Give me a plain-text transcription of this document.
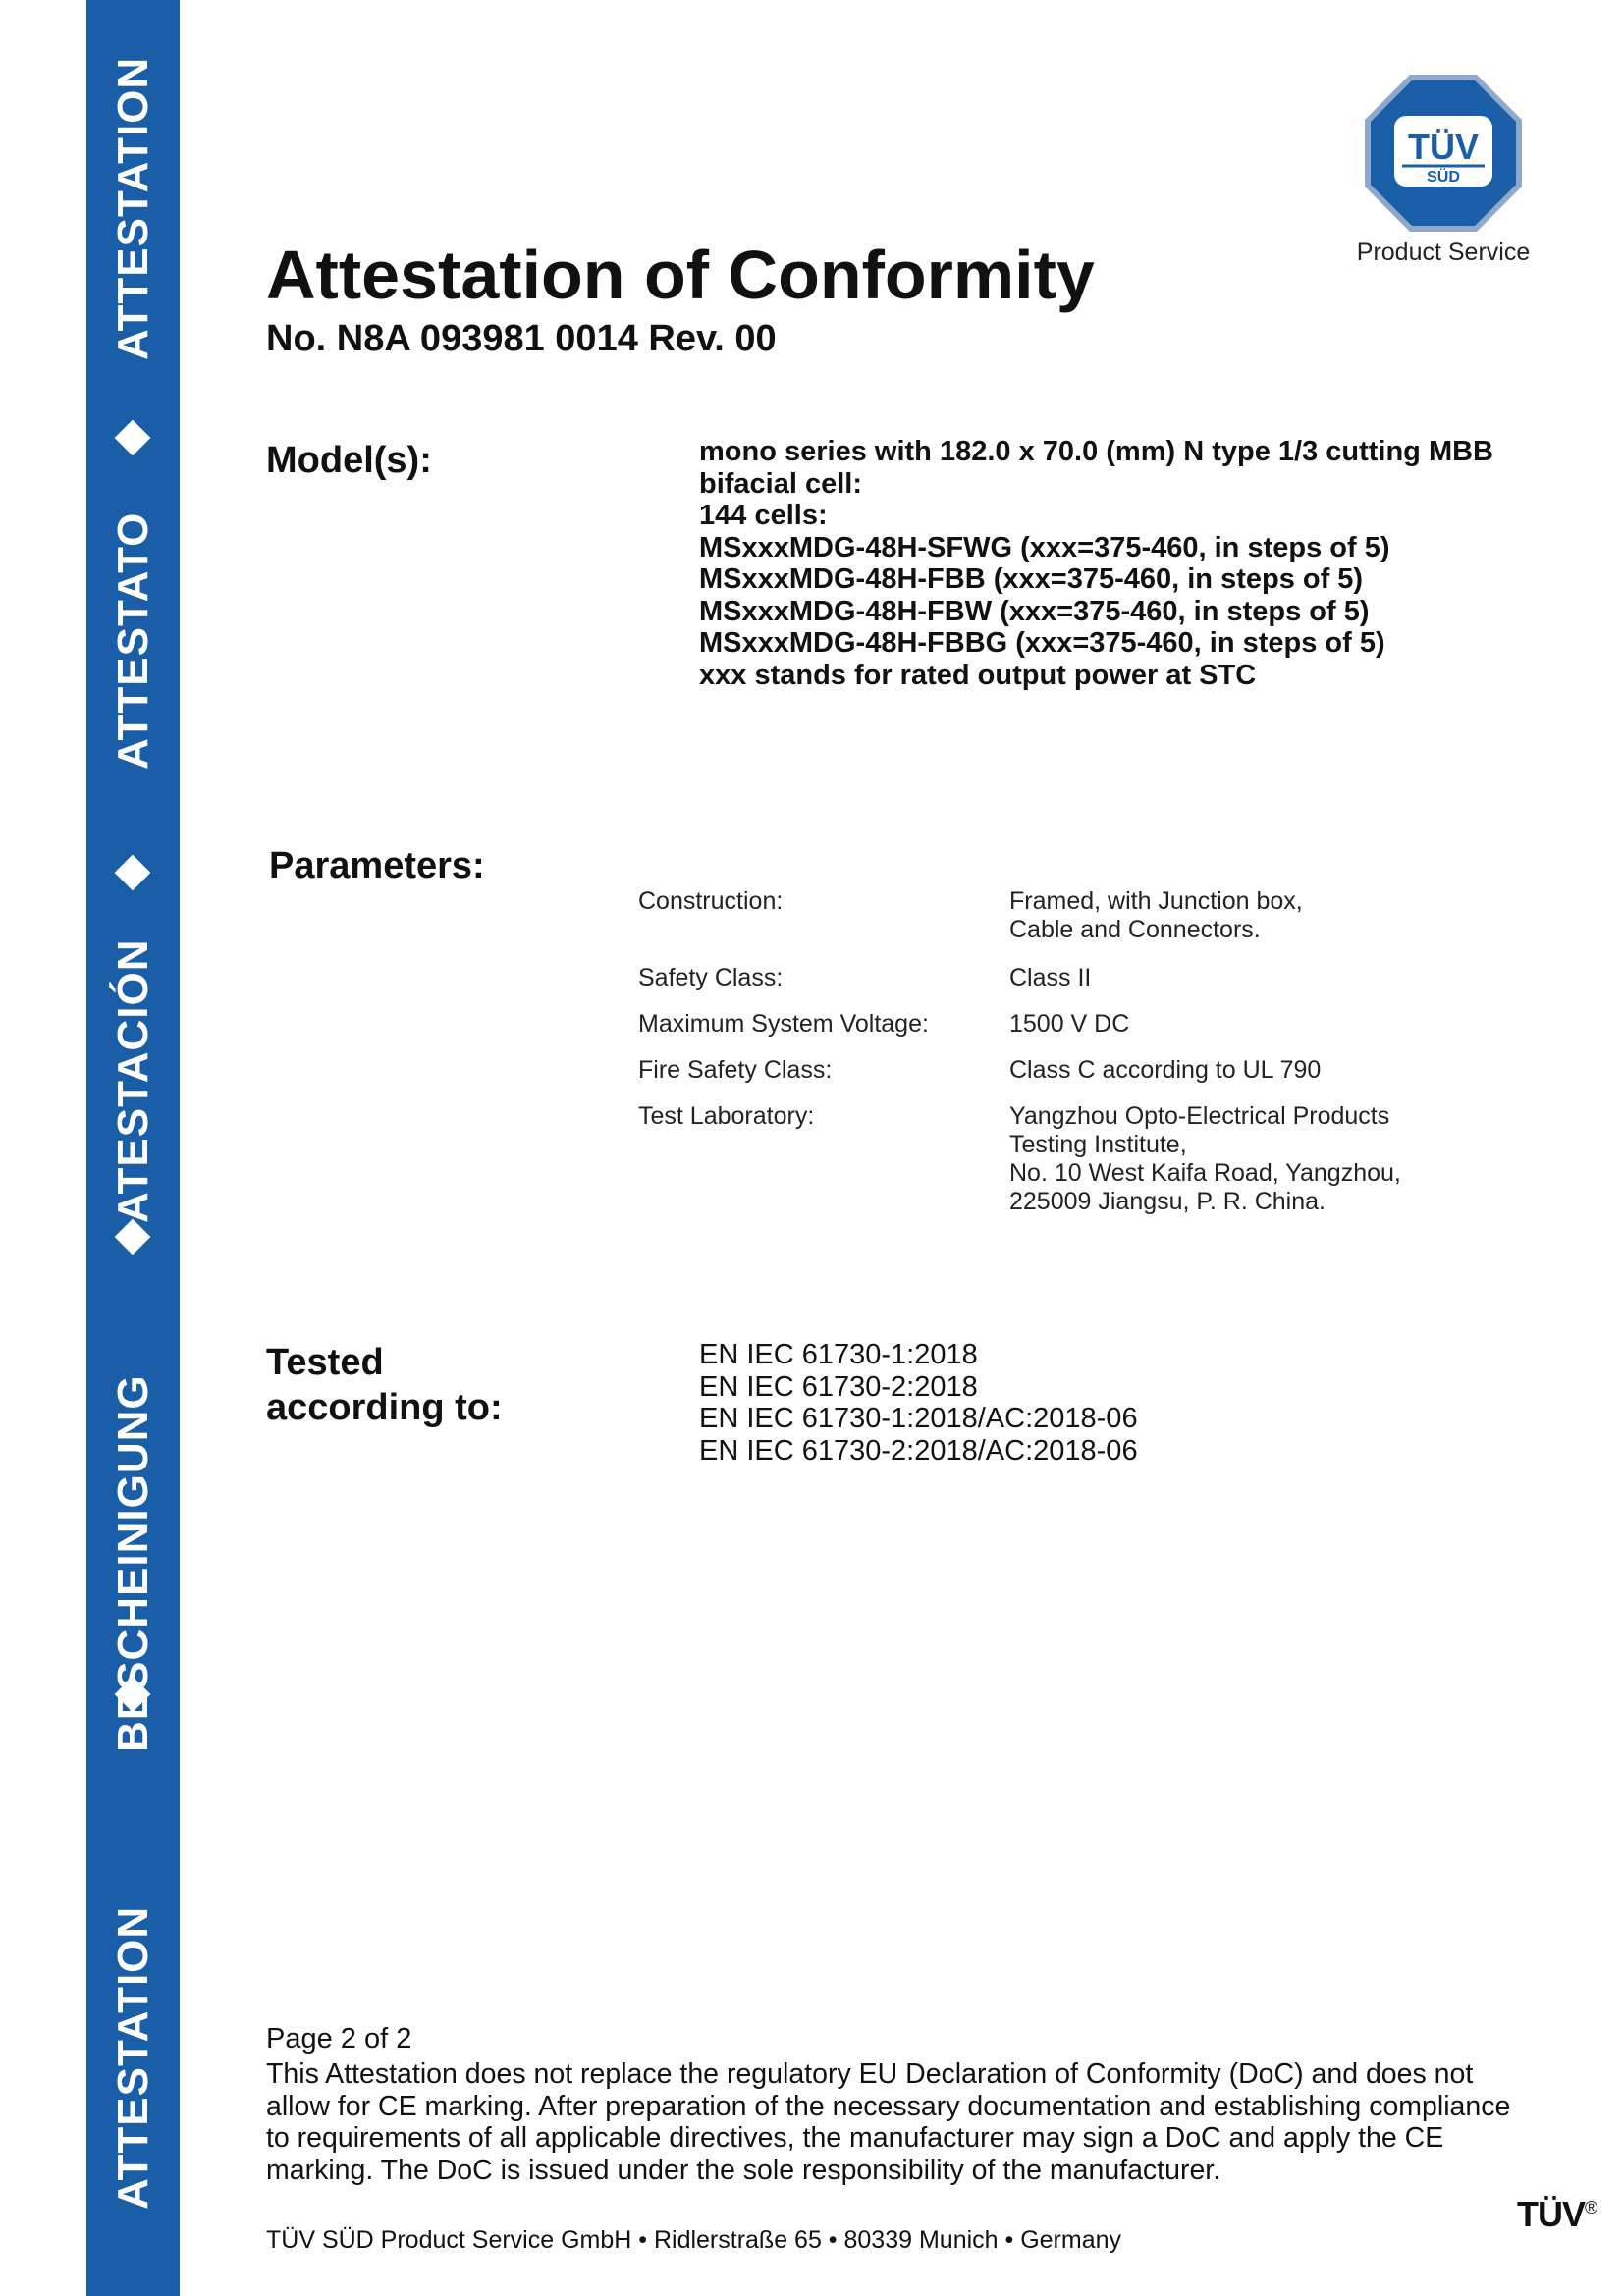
ATTESTATION
BESCHEINIGUNG
ATESTACIÓN
ATTESTATO
ATTESTATION	TÜV
SÜD
Product Service
Attestation of Conformity
No. N8A 093981 0014 Rev. 00
Model(s):	mono series with 182.0 x 70.0 (mm) N type 1/3 cutting MBB
bifacial cell:
144 cells:
MSxxxMDG-48H-SFWG (xxx=375-460, in steps of 5)
MSxxxMDG-48H-FBB (xxx=375-460, in steps of 5)
MSxxxMDG-48H-FBW (xxx=375-460, in steps of 5)
MSxxxMDG-48H-FBBG (xxx=375-460, in steps of 5)
xxx stands for rated output power at STC
Parameters:
Construction:	Framed, with Junction box,
Cable and Connectors.
Safety Class:	Class II
Maximum System Voltage:	1500 V DC
Fire Safety Class:	Class C according to UL 790
Test Laboratory:	Yangzhou Opto-Electrical Products
Testing Institute,
No. 10 West Kaifa Road, Yangzhou,
225009 Jiangsu, P. R. China.
Tested
according to:
EN IEC 61730-1:2018
EN IEC 61730-2:2018
EN IEC 61730-1:2018/AC:2018-06
EN IEC 61730-2:2018/AC:2018-06
Page 2 of 2
This Attestation does not replace the regulatory EU Declaration of Conformity (DoC) and does not allow for CE marking. After preparation of the necessary documentation and establishing compliance to requirements of all applicable directives, the manufacturer may sign a DoC and apply the CE marking. The DoC is issued under the sole responsibility of the manufacturer.
TÜV SÜD Product Service GmbH • Ridlerstraße 65 • 80339 Munich • Germany
TÜV®
